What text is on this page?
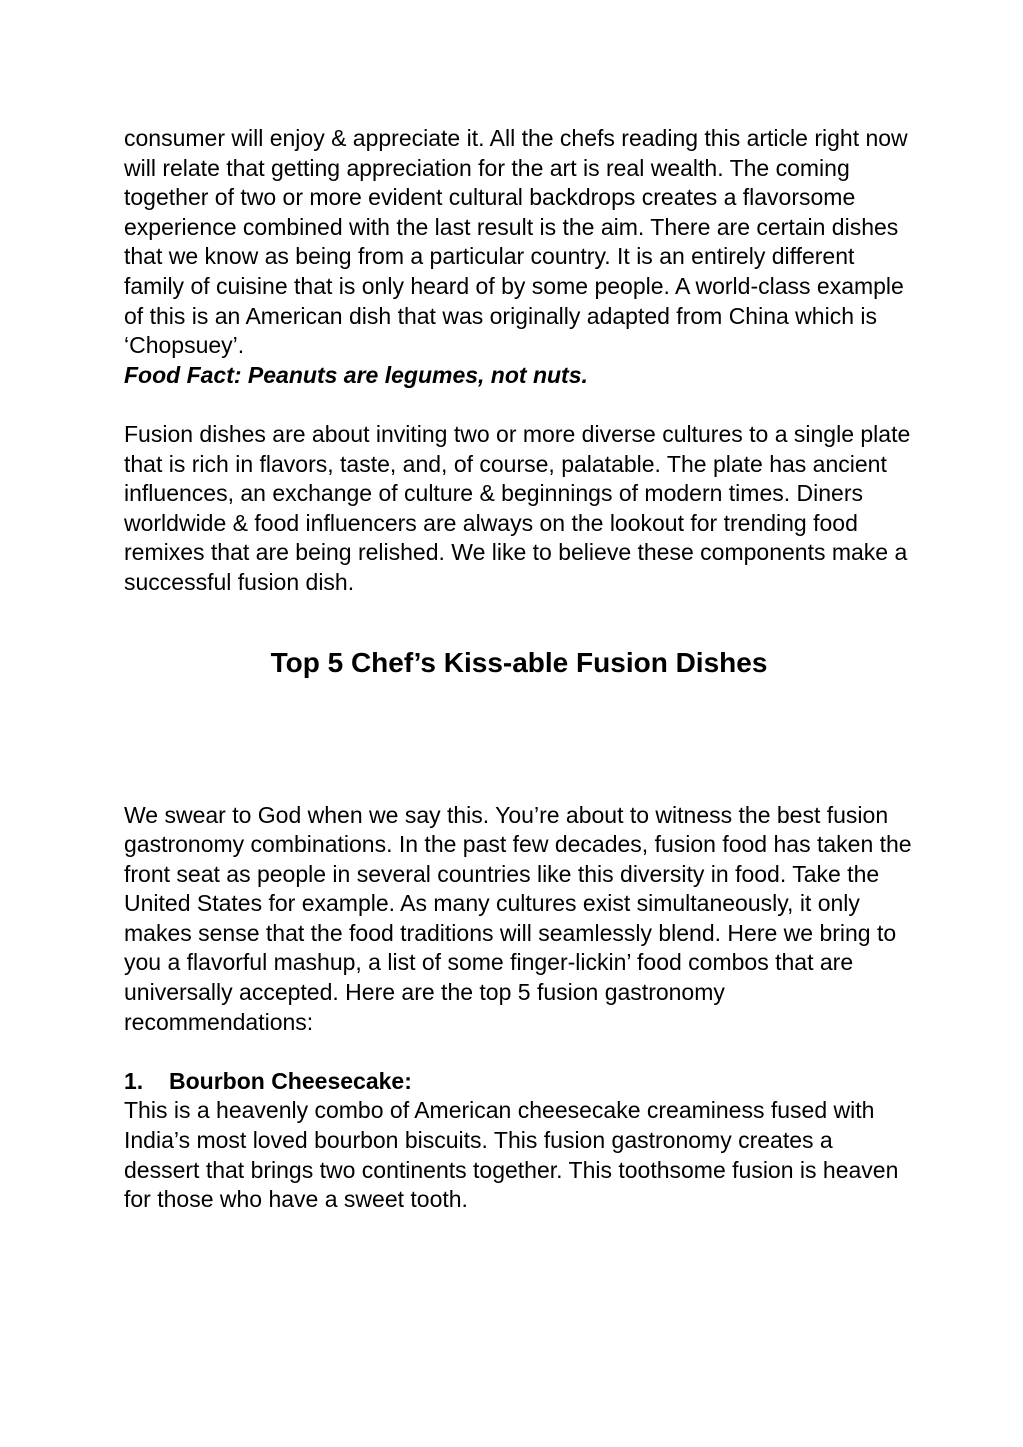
consumer will enjoy & appreciate it. All the chefs reading this article right now will relate that getting appreciation for the art is real wealth. The coming together of two or more evident cultural backdrops creates a flavorsome experience combined with the last result is the aim. There are certain dishes that we know as being from a particular country. It is an entirely different family of cuisine that is only heard of by some people. A world-class example of this is an American dish that was originally adapted from China which is ‘Chopsuey’.

Food Fact: Peanuts are legumes, not nuts.

Fusion dishes are about inviting two or more diverse cultures to a single plate that is rich in flavors, taste, and, of course, palatable. The plate has ancient influences, an exchange of culture & beginnings of modern times. Diners worldwide & food influencers are always on the lookout for trending food remixes that are being relished. We like to believe these components make a successful fusion dish.

Top 5 Chef’s Kiss-able Fusion Dishes

We swear to God when we say this. You’re about to witness the best fusion gastronomy combinations. In the past few decades, fusion food has taken the front seat as people in several countries like this diversity in food. Take the United States for example. As many cultures exist simultaneously, it only makes sense that the food traditions will seamlessly blend. Here we bring to you a flavorful mashup, a list of some finger-lickin’ food combos that are universally accepted. Here are the top 5 fusion gastronomy recommendations:

1.	Bourbon Cheesecake:

This is a heavenly combo of American cheesecake creaminess fused with India’s most loved bourbon biscuits. This fusion gastronomy creates a dessert that brings two continents together. This toothsome fusion is heaven for those who have a sweet tooth.
